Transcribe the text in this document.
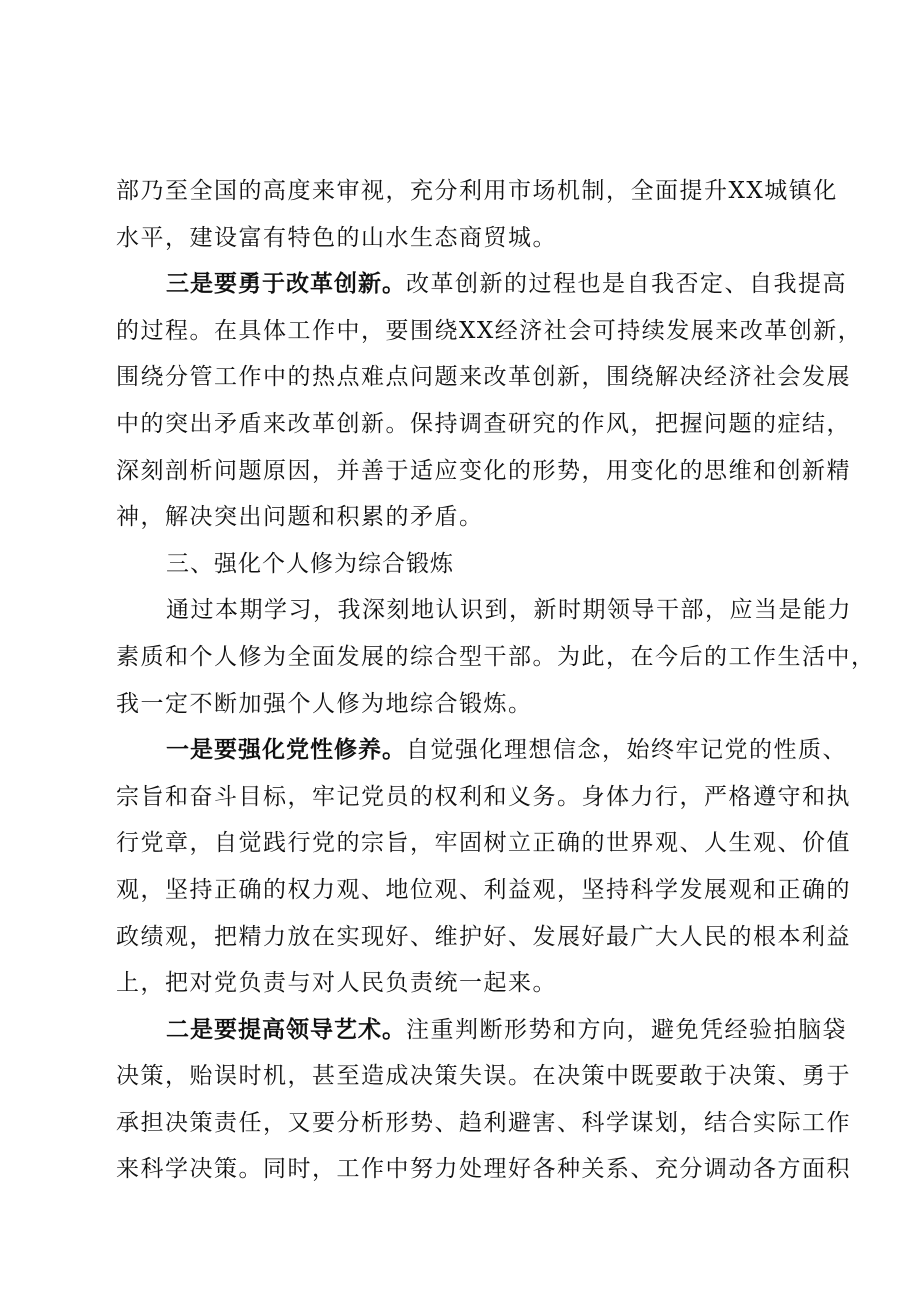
部乃至全国的高度来审视，充分利用市场机制，全面提升XX城镇化
水平，建设富有特色的山水生态商贸城。
三是要勇于改革创新。改革创新的过程也是自我否定、自我提高
的过程。在具体工作中，要围绕XX经济社会可持续发展来改革创新，
围绕分管工作中的热点难点问题来改革创新，围绕解决经济社会发展
中的突出矛盾来改革创新。保持调查研究的作风，把握问题的症结，
深刻剖析问题原因，并善于适应变化的形势，用变化的思维和创新精
神，解决突出问题和积累的矛盾。
三、强化个人修为综合锻炼
通过本期学习，我深刻地认识到，新时期领导干部，应当是能力
素质和个人修为全面发展的综合型干部。为此，在今后的工作生活中，
我一定不断加强个人修为地综合锻炼。
一是要强化党性修养。自觉强化理想信念，始终牢记党的性质、
宗旨和奋斗目标，牢记党员的权利和义务。身体力行，严格遵守和执
行党章，自觉践行党的宗旨，牢固树立正确的世界观、人生观、价值
观，坚持正确的权力观、地位观、利益观，坚持科学发展观和正确的
政绩观，把精力放在实现好、维护好、发展好最广大人民的根本利益
上，把对党负责与对人民负责统一起来。
二是要提高领导艺术。注重判断形势和方向，避免凭经验拍脑袋
决策，贻误时机，甚至造成决策失误。在决策中既要敢于决策、勇于
承担决策责任，又要分析形势、趋利避害、科学谋划，结合实际工作
来科学决策。同时，工作中努力处理好各种关系、充分调动各方面积
